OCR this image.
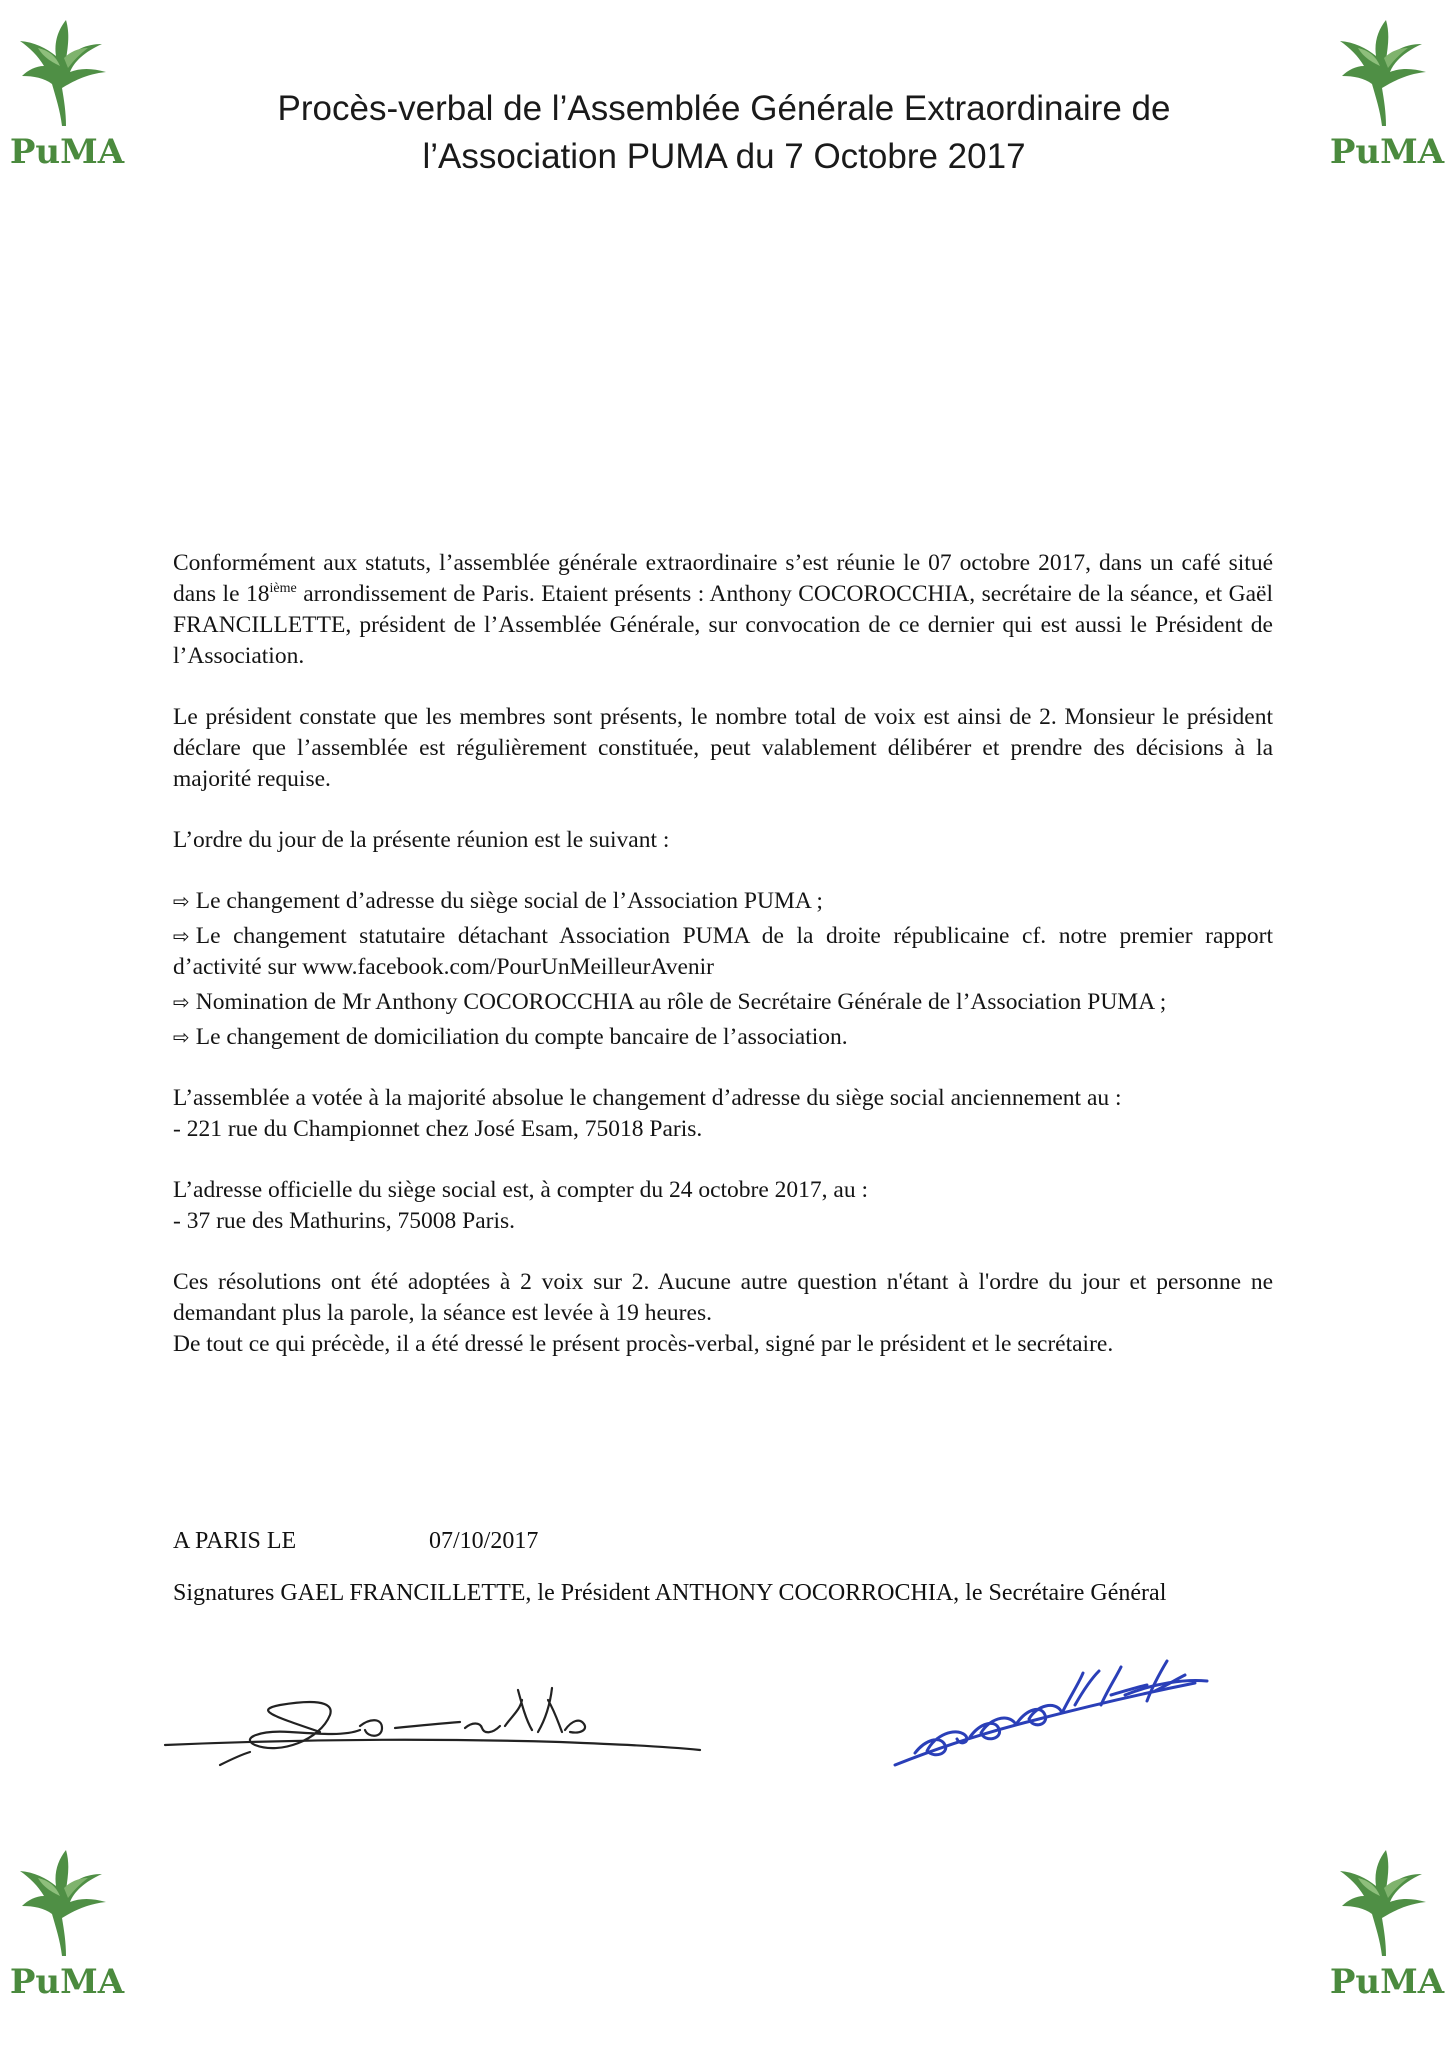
Procès-verbal de l’Assemblée Générale Extraordinaire de
l’Association PUMA du 7 Octobre 2017

Conformément aux statuts, l’assemblée générale extraordinaire s’est réunie le 07 octobre 2017, dans un café situé dans le 18ième arrondissement de Paris. Etaient présents : Anthony COCOROCCHIA, secrétaire de la séance, et Gaël FRANCILLETTE, président de l’Assemblée Générale, sur convocation de ce dernier qui est aussi le Président de l’Association.

Le président constate que les membres sont présents, le nombre total de voix est ainsi de 2. Monsieur le président déclare que l’assemblée est régulièrement constituée, peut valablement délibérer et prendre des décisions à la majorité requise.

L’ordre du jour de la présente réunion est le suivant :

⇨ Le changement d’adresse du siège social de l’Association PUMA ;

⇨ Le changement statutaire détachant Association PUMA de la droite républicaine cf. notre premier rapport d’activité sur www.facebook.com/PourUnMeilleurAvenir

⇨ Nomination de Mr Anthony COCOROCCHIA au rôle de Secrétaire Générale de l’Association PUMA ;

⇨ Le changement de domiciliation du compte bancaire de l’association.

L’assemblée a votée à la majorité absolue le changement d’adresse du siège social anciennement au :

- 221 rue du Championnet chez José Esam, 75018 Paris.

L’adresse officielle du siège social est, à compter du 24 octobre 2017, au :

- 37 rue des Mathurins, 75008 Paris.

Ces résolutions ont été adoptées à 2 voix sur 2. Aucune autre question n'étant à l'ordre du jour et personne ne demandant plus la parole, la séance est levée à 19 heures.

De tout ce qui précède, il a été dressé le présent procès-verbal, signé par le président et le secrétaire.

A PARIS LE	07/10/2017
Signatures GAEL FRANCILLETTE, le Président ANTHONY COCORROCHIA, le Secrétaire Général
